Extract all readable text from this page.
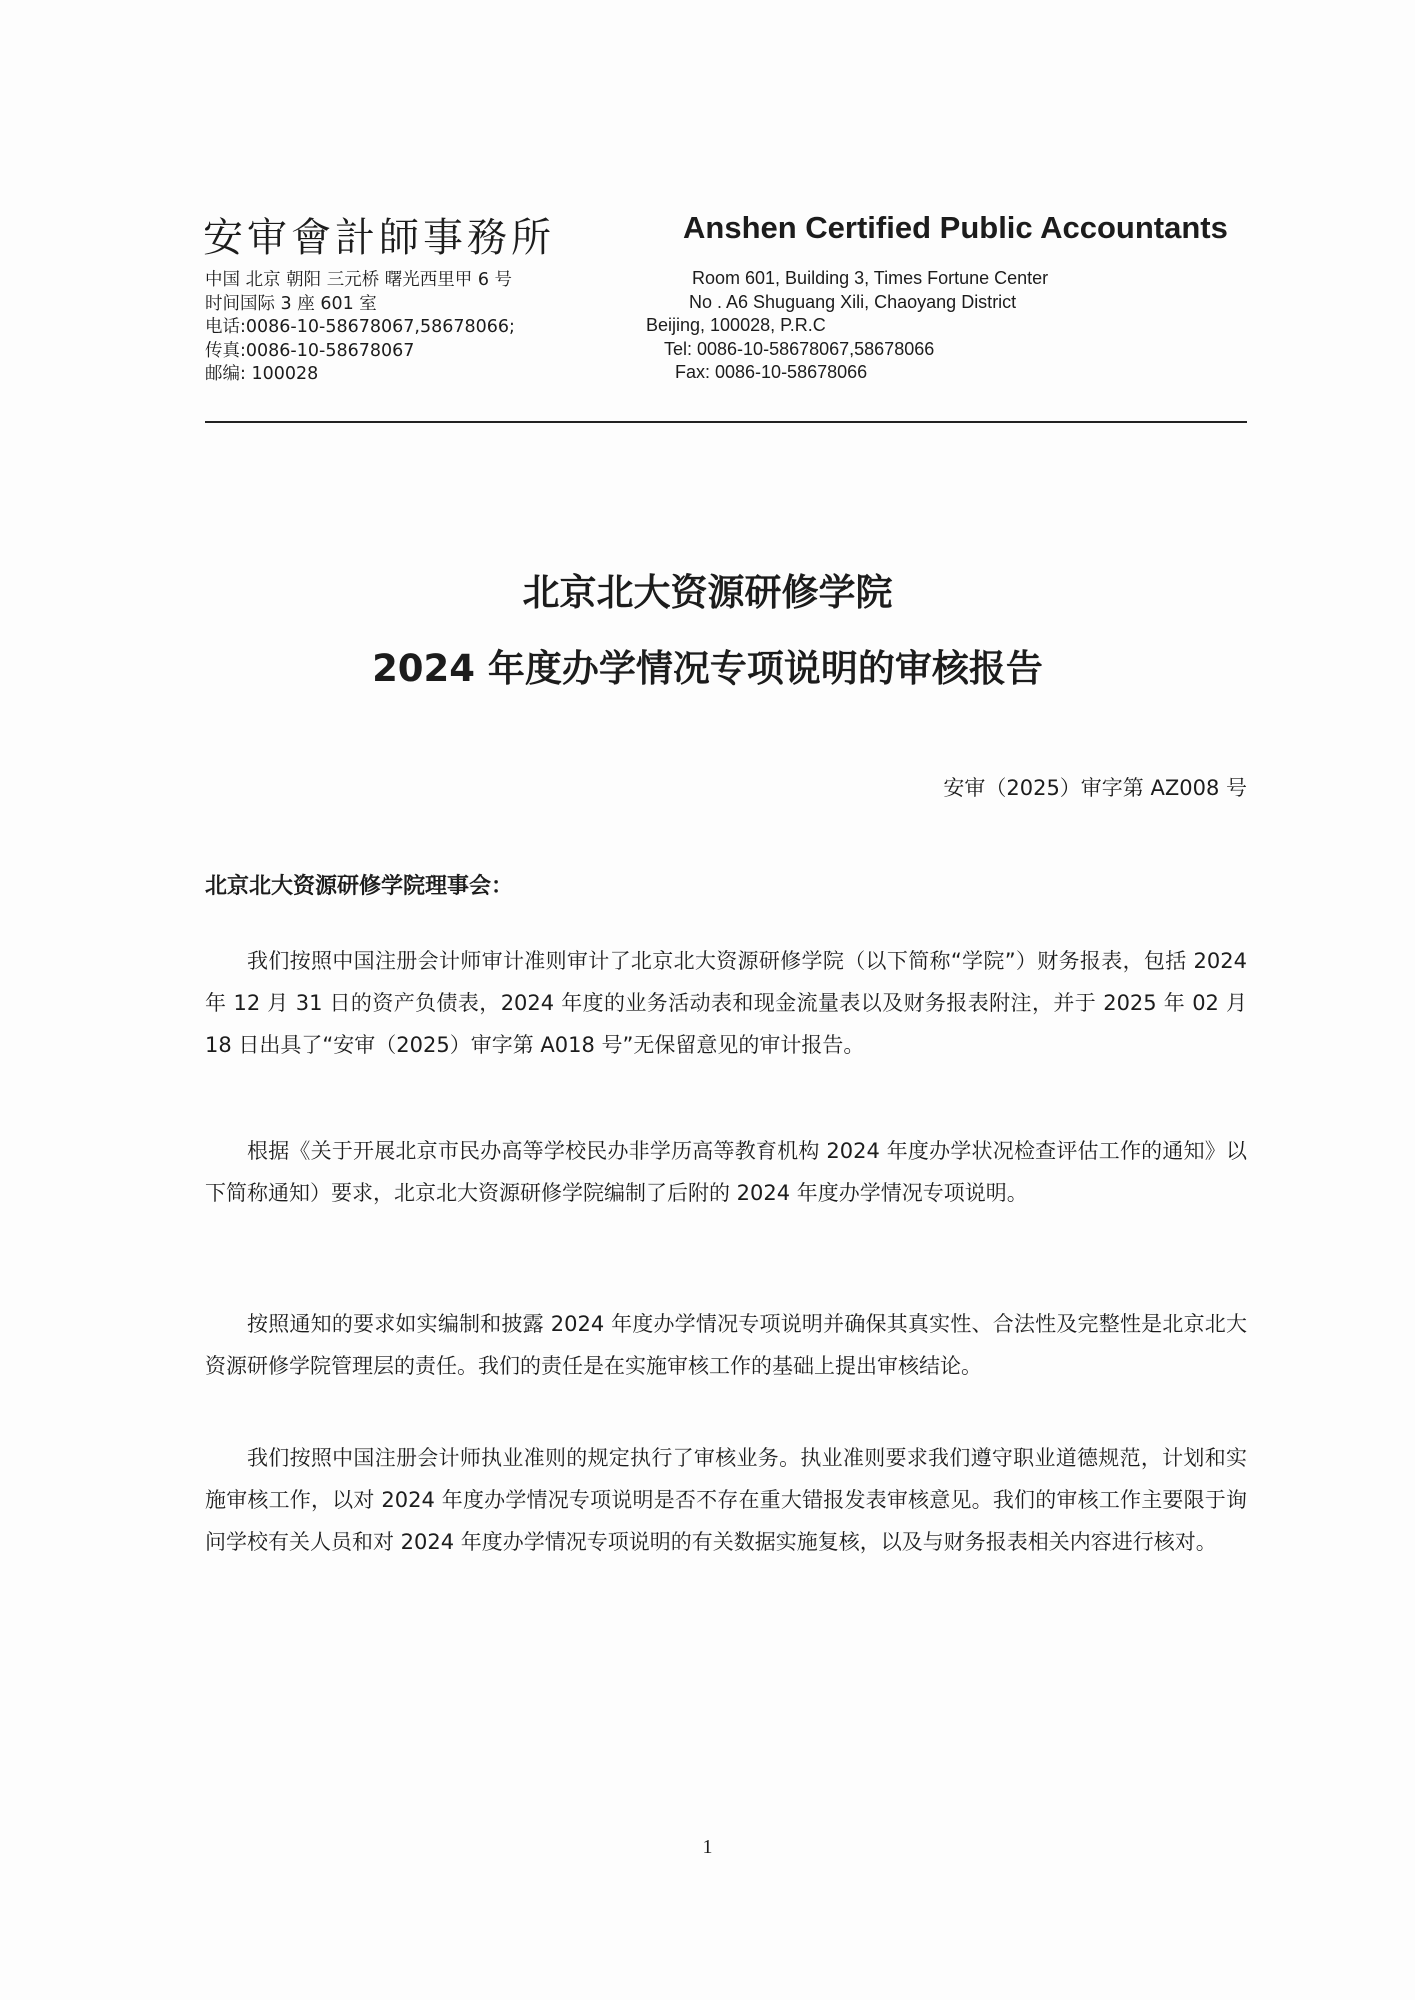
安审會計師事務所	Anshen Certified Public Accountants
中国 北京 朝阳 三元桥 曙光西里甲 6 号
时间国际 3 座 601 室
电话:0086-10-58678067,58678066;
传真:0086-10-58678067
邮编: 100028
Room 601, Building 3, Times Fortune Center
No . A6 Shuguang Xili, Chaoyang District
Beijing, 100028, P.R.C
Tel: 0086-10-58678067,58678066
Fax: 0086-10-58678066
北京北大资源研修学院
2024 年度办学情况专项说明的审核报告
安审（2025）审字第 AZ008 号
北京北大资源研修学院理事会：

我们按照中国注册会计师审计准则审计了北京北大资源研修学院（以下简称“学院”）财务报表，包括 2024 年 12 月 31 日的资产负债表，2024 年度的业务活动表和现金流量表以及财务报表附注，并于 2025 年 02 月 18 日出具了“安审（2025）审字第 A018 号”无保留意见的审计报告。

根据《关于开展北京市民办高等学校民办非学历高等教育机构 2024 年度办学状况检查评估工作的通知》以下简称通知）要求，北京北大资源研修学院编制了后附的 2024 年度办学情况专项说明。

按照通知的要求如实编制和披露 2024 年度办学情况专项说明并确保其真实性、合法性及完整性是北京北大资源研修学院管理层的责任。我们的责任是在实施审核工作的基础上提出审核结论。

我们按照中国注册会计师执业准则的规定执行了审核业务。执业准则要求我们遵守职业道德规范，计划和实施审核工作，以对 2024 年度办学情况专项说明是否不存在重大错报发表审核意见。我们的审核工作主要限于询问学校有关人员和对 2024 年度办学情况专项说明的有关数据实施复核，以及与财务报表相关内容进行核对。

1
